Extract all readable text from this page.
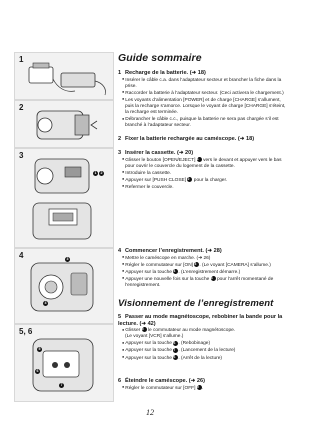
1
2
3
1	2
4	3
4
5, 6
5
6
7
Guide sommaire
1 Recharge de la batterie. (➜ 18)
● Insérer le câble c.a. dans l’adaptateur secteur et brancher la fiche dans la prise.
● Raccorder la batterie à l’adaptateur secteur. (Ceci activera le chargement.)
● Les voyants d’alimentation [POWER] et de charge [CHARGE] s’allument, puis la recharge s’amorce. Lorsque le voyant de charge [CHARGE] s’éteint, la recharge est terminée.
● Débrancher le câble c.c., puisque la batterie ne sera pas chargée s’il est branché à l’adaptateur secteur.
2 Fixer la batterie rechargée au caméscope. (➜ 18)
3 Insérer la cassette. (➜ 20)
● Glisser le bouton [OPEN/EJECT] 1 vers le devant et appuyer vers le bas pour ouvrir le couvercle du logement de la cassette.
● Introduire la cassette.
● Appuyer sur [PUSH CLOSE] 2 pour la charger.
● Refermer le couvercle.
4 Commencer l’enregistrement. (➜ 28)
● Mettre le caméscope en marche. (➜ 26)
● Régler le commutateur sur [ON] 3 . (Le voyant [CAMERA] s’allume.)
● Appuyer sur la touche 4 . (L’enregistrement démarre.)
● Appuyer une nouvelle fois sur la touche 4 pour l’arrêt momentané de l’enregistrement.
Visionnement de l’enregistrement
5 Passer au mode magnétoscope, rebobiner la bande pour la lecture. (➜ 42)
● Glisser 5 le commutateur au mode magnétoscope.
(Le voyant [VCR] s’allume.)
● Appuyer sur la touche 6 . (Rebobinage)
● Appuyer sur la touche 7 . (Lancement de la lecture)
● Appuyer sur la touche 6 . (Arrêt de la lecture)
6 Éteindre le caméscope. (➜ 26)
● Régler le commutateur sur [OFF] 5 .
12
